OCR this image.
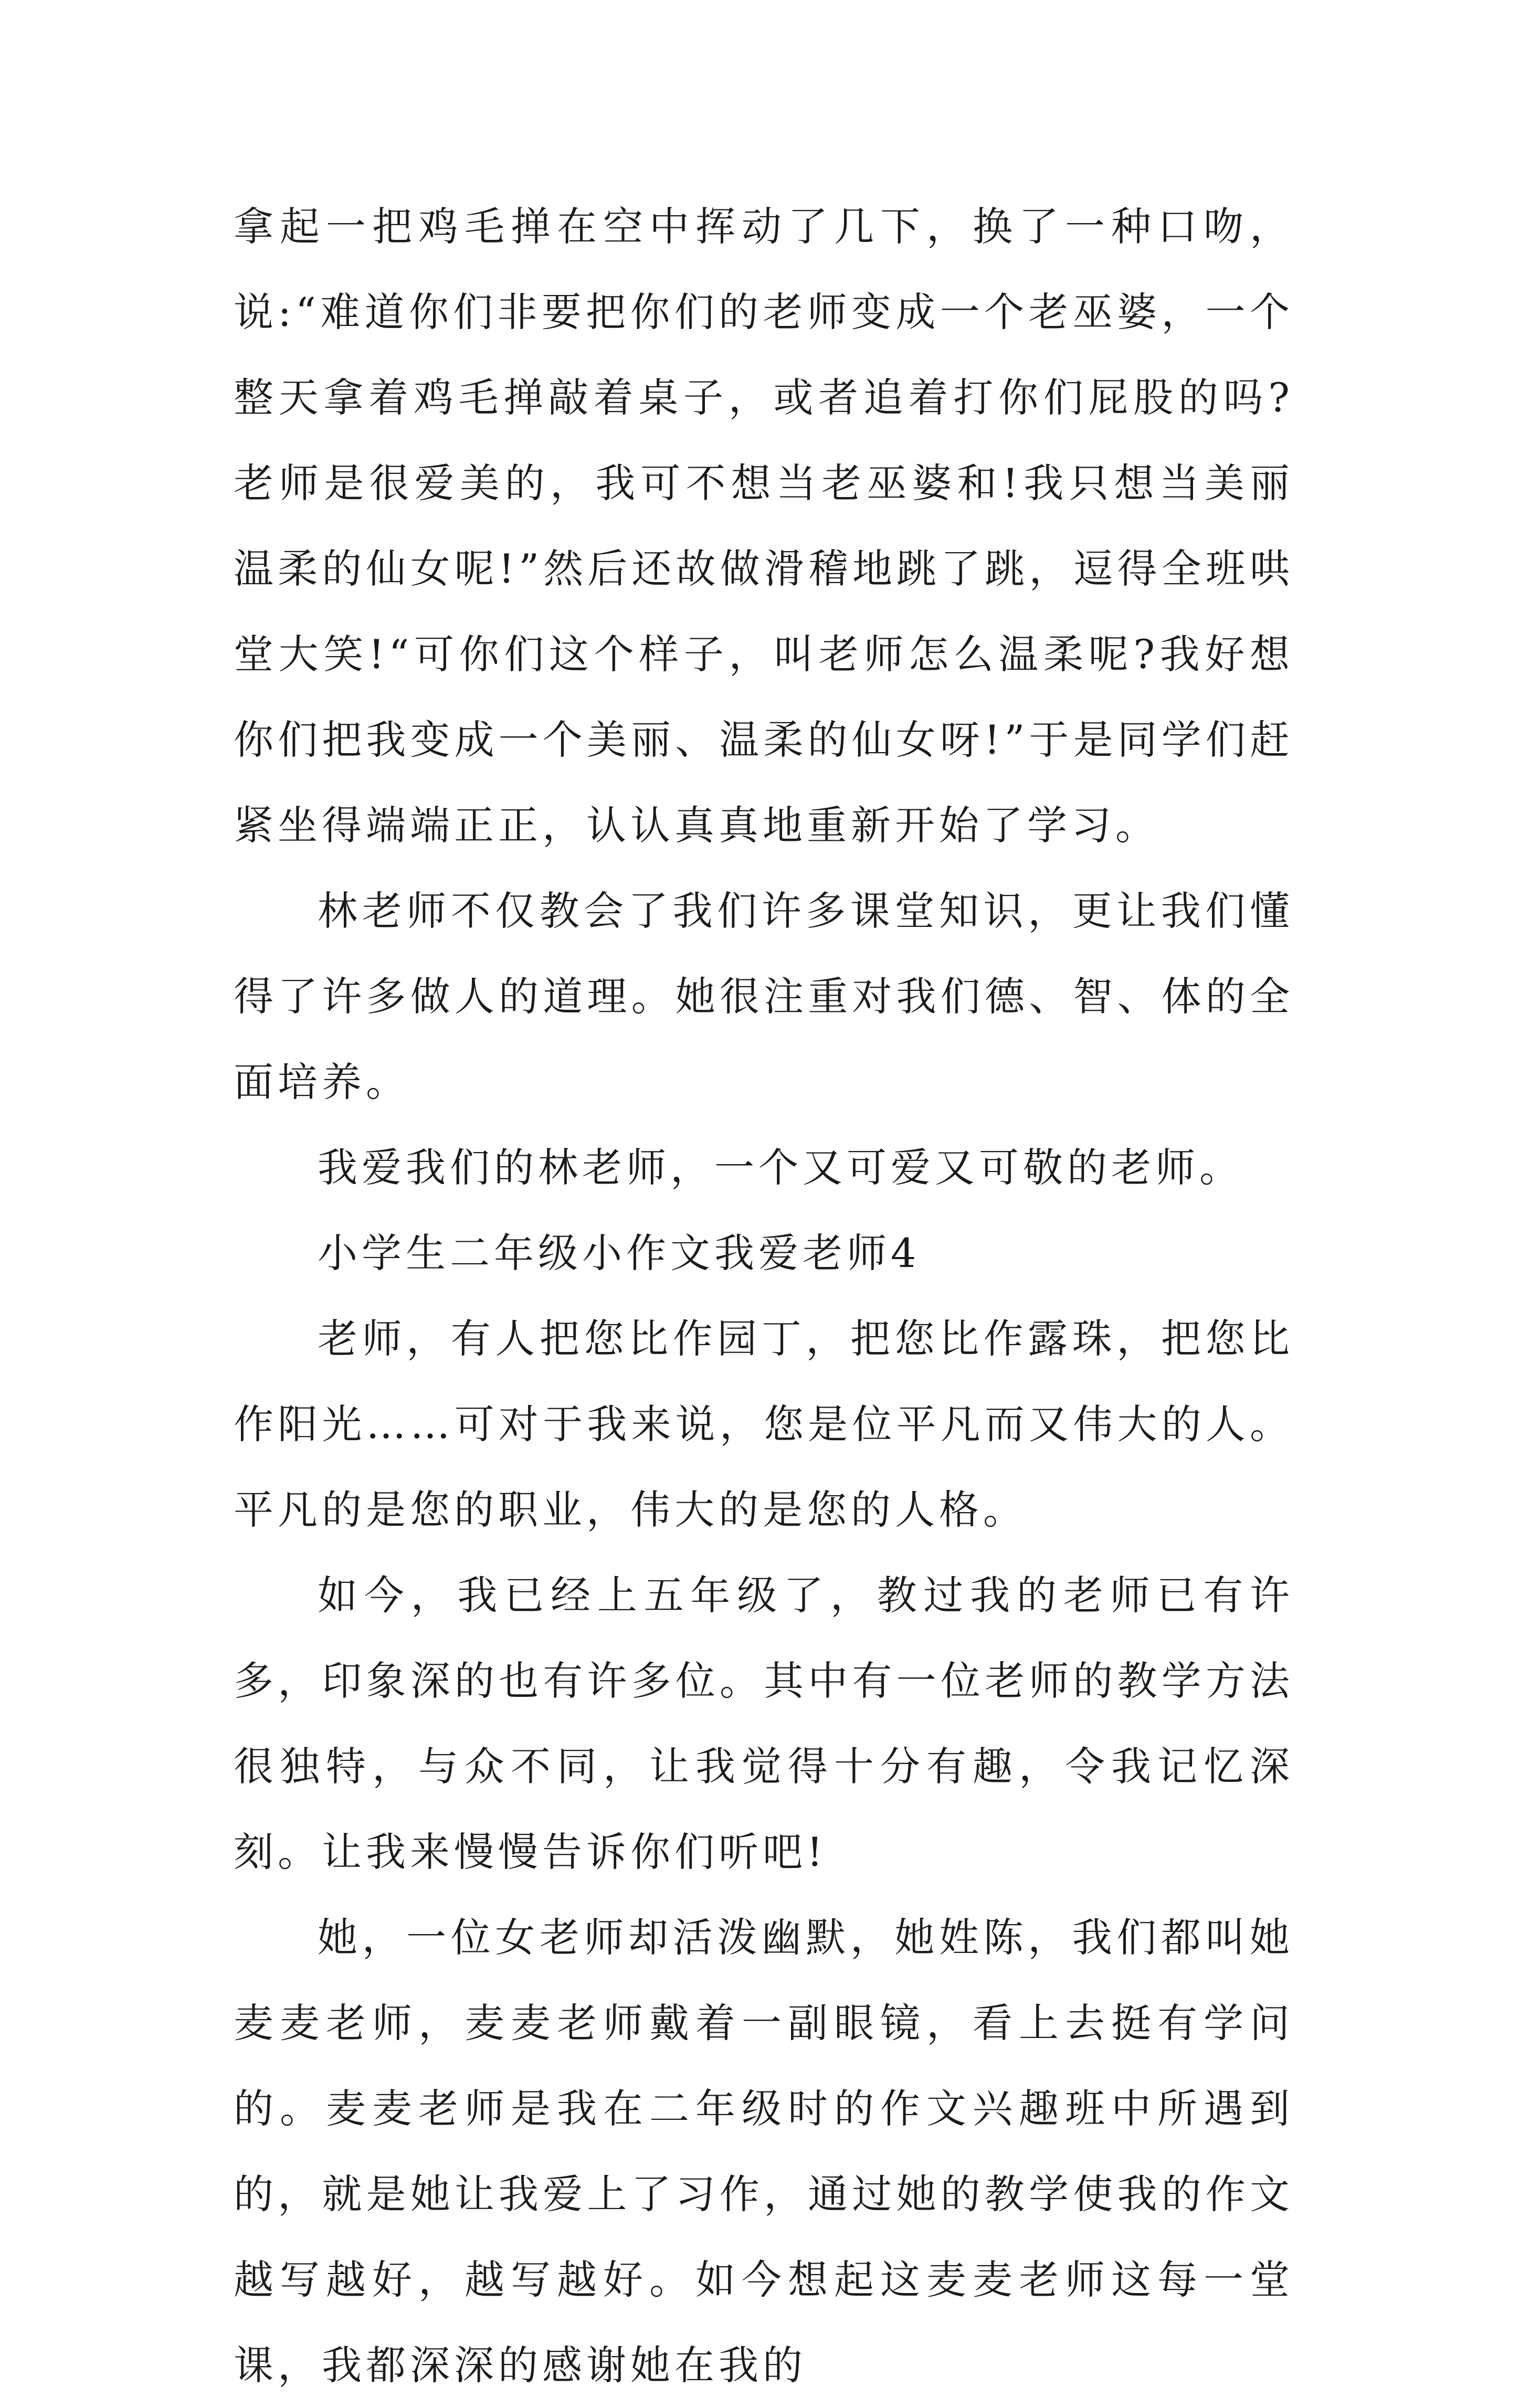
拿起一把鸡毛掸在空中挥动了几下，换了一种口吻，说:“难道你们非要把你们的老师变成一个老巫婆，一个整天拿着鸡毛掸敲着桌子，或者追着打你们屁股的吗?老师是很爱美的，我可不想当老巫婆和!我只想当美丽温柔的仙女呢!”然后还故做滑稽地跳了跳，逗得全班哄堂大笑!“可你们这个样子，叫老师怎么温柔呢?我好想你们把我变成一个美丽、温柔的仙女呀!”于是同学们赶紧坐得端端正正，认认真真地重新开始了学习。

林老师不仅教会了我们许多课堂知识，更让我们懂得了许多做人的道理。她很注重对我们德、智、体的全面培养。

我爱我们的林老师，一个又可爱又可敬的老师。

小学生二年级小作文我爱老师4

老师，有人把您比作园丁，把您比作露珠，把您比作阳光……可对于我来说，您是位平凡而又伟大的人。平凡的是您的职业，伟大的是您的人格。

如今，我已经上五年级了，教过我的老师已有许多，印象深的也有许多位。其中有一位老师的教学方法很独特，与众不同，让我觉得十分有趣，令我记忆深刻。让我来慢慢告诉你们听吧!

她，一位女老师却活泼幽默，她姓陈，我们都叫她麦麦老师，麦麦老师戴着一副眼镜，看上去挺有学问的。麦麦老师是我在二年级时的作文兴趣班中所遇到的，就是她让我爱上了习作，通过她的教学使我的作文越写越好，越写越好。如今想起这麦麦老师这每一堂课，我都深深的感谢她在我的
